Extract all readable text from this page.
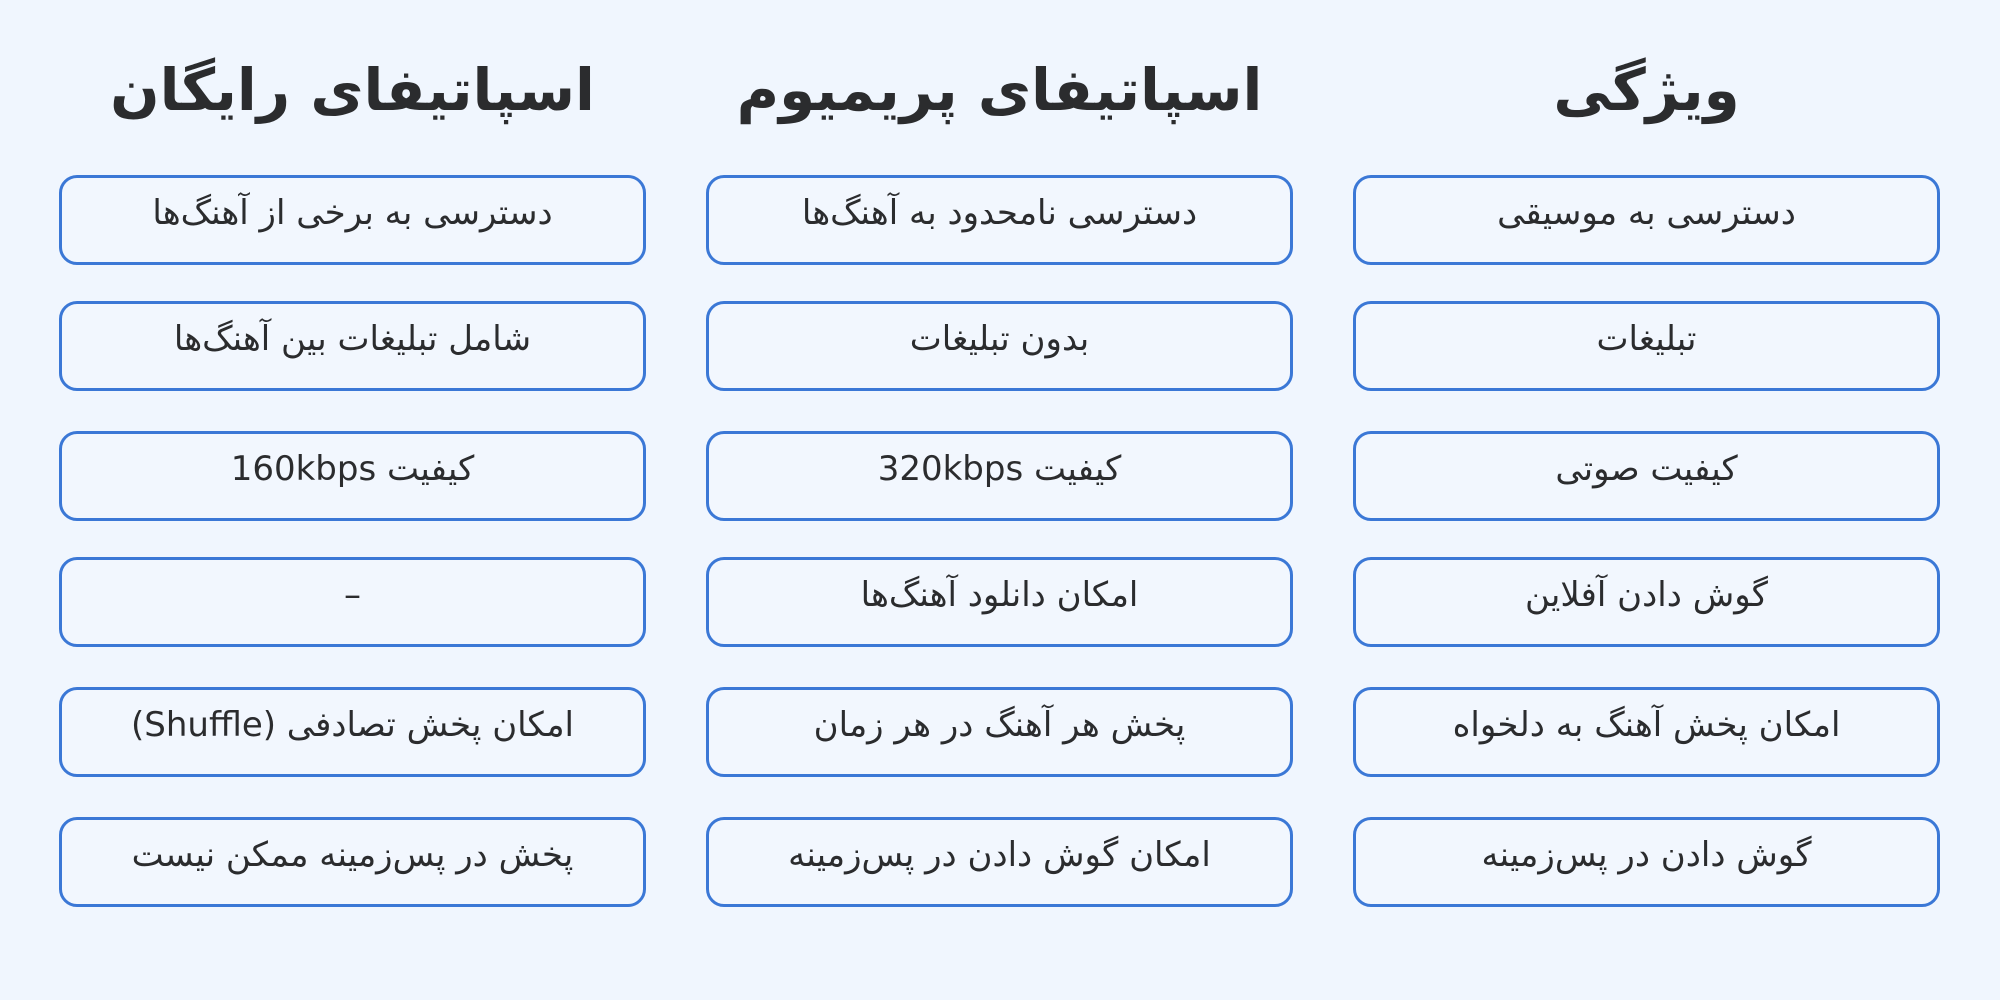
اسپاتیفای رایگان
دسترسی به برخی از آهنگ‌ها
شامل تبلیغات بین آهنگ‌ها
کیفیت 160kbps
–
امکان پخش تصادفی (Shuffle)
پخش در پس‌زمینه ممکن نیست
اسپاتیفای پریمیوم
دسترسی نامحدود به آهنگ‌ها
بدون تبلیغات
کیفیت 320kbps
امکان دانلود آهنگ‌ها
پخش هر آهنگ در هر زمان
امکان گوش دادن در پس‌زمینه
ویژگی
دسترسی به موسیقی
تبلیغات
کیفیت صوتی
گوش دادن آفلاین
امکان پخش آهنگ به دلخواه
گوش دادن در پس‌زمینه
